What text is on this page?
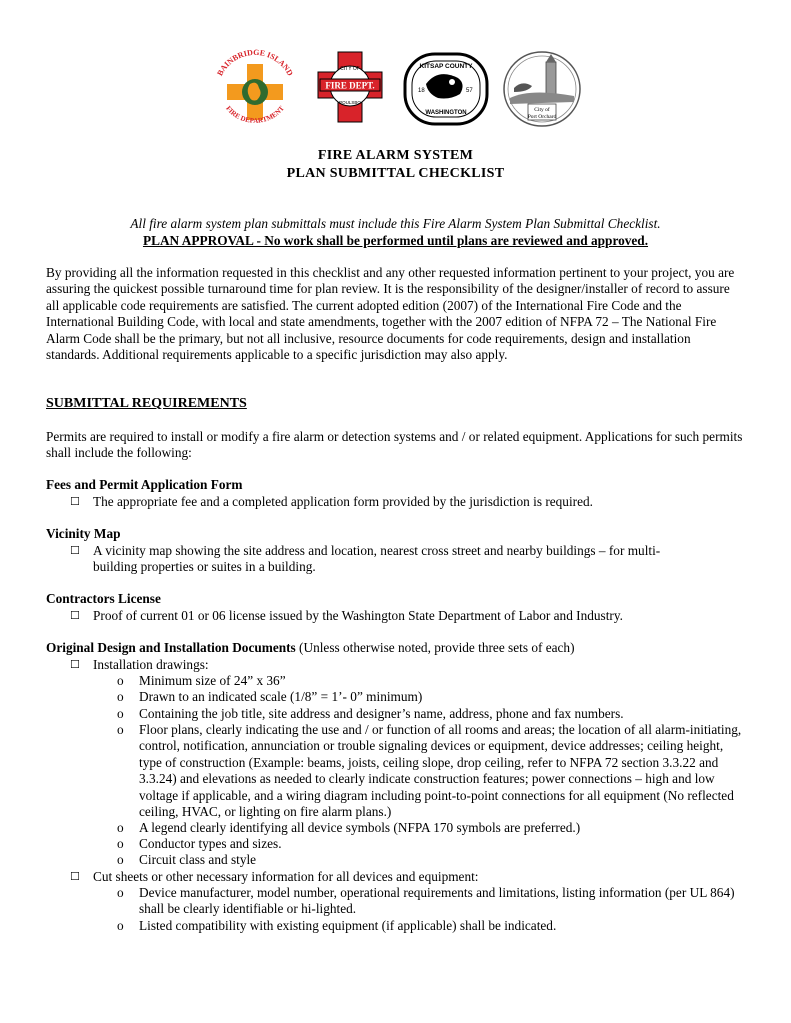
BAINBRIDGE ISLAND
FIRE DEPARTMENT
CITY OF
FIRE DEPT.
POULSBO
KITSAP COUNTY
18	57
WASHINGTON	City of
Port Orchard
FIRE ALARM SYSTEM
PLAN SUBMITTAL CHECKLIST
All fire alarm system plan submittals must include this Fire Alarm System Plan Submittal Checklist.
PLAN APPROVAL - No work shall be performed until plans are reviewed and approved.
By providing all the information requested in this checklist and any other requested information pertinent to your project, you are assuring the quickest possible turnaround time for plan review. It is the responsibility of the designer/installer of record to assure all applicable code requirements are satisfied. The current adopted edition (2007) of the International Fire Code and the International Building Code, with local and state amendments, together with the 2007 edition of NFPA 72 – The National Fire Alarm Code shall be the primary, but not all inclusive, resource documents for code requirements, design and installation standards. Additional requirements applicable to a specific jurisdiction may also apply.
SUBMITTAL REQUIREMENTS
Permits are required to install or modify a fire alarm or detection systems and / or related equipment. Applications for such permits shall include the following:
Fees and Permit Application Form
☐ The appropriate fee and a completed application form provided by the jurisdiction is required.
Vicinity Map
☐ A vicinity map showing the site address and location, nearest cross street and nearby buildings – for multi-building properties or suites in a building.
Contractors License
☐ Proof of current 01 or 06 license issued by the Washington State Department of Labor and Industry.
Original Design and Installation Documents (Unless otherwise noted, provide three sets of each)
☐ Installation drawings:
o Minimum size of 24” x 36”
o Drawn to an indicated scale (1/8” = 1’- 0” minimum)
o Containing the job title, site address and designer’s name, address, phone and fax numbers.
o Floor plans, clearly indicating the use and / or function of all rooms and areas; the location of all alarm-initiating, control, notification, annunciation or trouble signaling devices or equipment, device addresses; ceiling height, type of construction (Example: beams, joists, ceiling slope, drop ceiling, refer to NFPA 72 section 3.3.22 and 3.3.24) and elevations as needed to clearly indicate construction features; power connections – high and low voltage if applicable, and a wiring diagram including point-to-point connections for all equipment (No reflected ceiling, HVAC, or lighting on fire alarm plans.)
o A legend clearly identifying all device symbols (NFPA 170 symbols are preferred.)
o Conductor types and sizes.
o Circuit class and style
☐ Cut sheets or other necessary information for all devices and equipment:
o Device manufacturer, model number, operational requirements and limitations, listing information (per UL 864) shall be clearly identifiable or hi-lighted.
o Listed compatibility with existing equipment (if applicable) shall be indicated.
